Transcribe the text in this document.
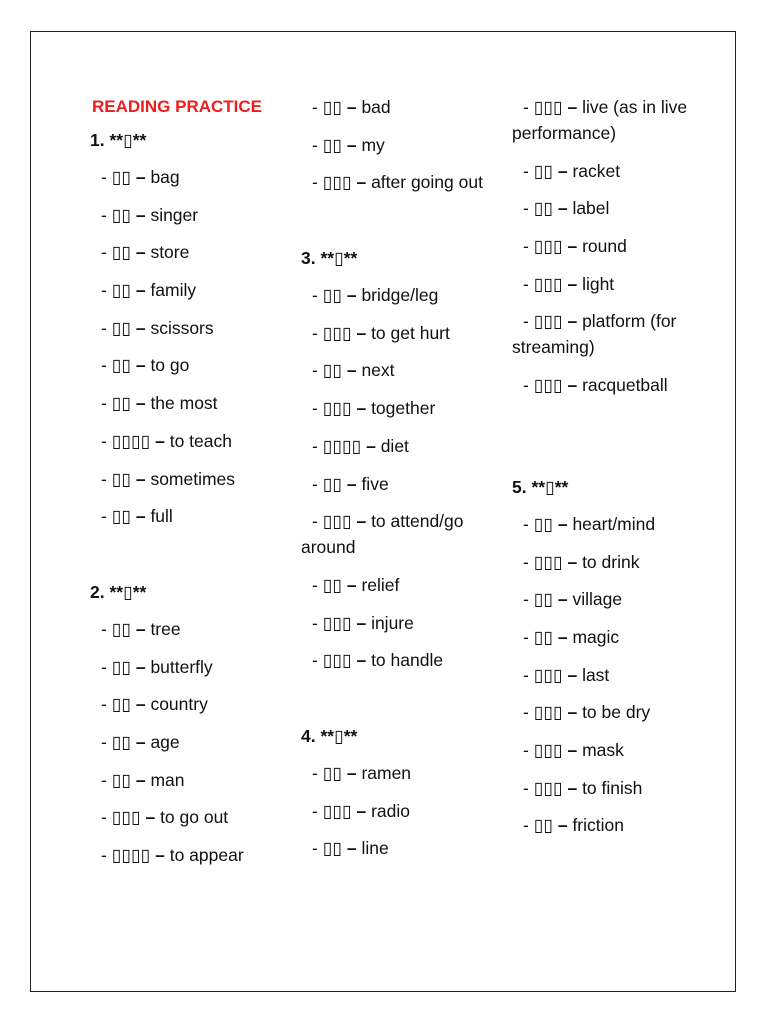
READING PRACTICE
1. **▯**
- ▯▯ – bag
- ▯▯ – singer
- ▯▯ – store
- ▯▯ – family
- ▯▯ – scissors
- ▯▯ – to go
- ▯▯ – the most
- ▯▯▯▯ – to teach
- ▯▯ – sometimes
- ▯▯ – full
2. **▯**
- ▯▯ – tree
- ▯▯ – butterfly
- ▯▯ – country
- ▯▯ – age
- ▯▯ – man
- ▯▯▯ – to go out
- ▯▯▯▯ – to appear
- ▯▯ – bad
- ▯▯ – my
- ▯▯▯ – after going out
3. **▯**
- ▯▯ – bridge/leg
- ▯▯▯ – to get hurt
- ▯▯ – next
- ▯▯▯ – together
- ▯▯▯▯ – diet
- ▯▯ – five
- ▯▯▯ – to attend/go around
- ▯▯ – relief
- ▯▯▯ – injure
- ▯▯▯ – to handle
4. **▯**
- ▯▯ – ramen
- ▯▯▯ – radio
- ▯▯ – line
- ▯▯▯ – live (as in live performance)
- ▯▯ – racket
- ▯▯ – label
- ▯▯▯ – round
- ▯▯▯ – light
- ▯▯▯ – platform (for streaming)
- ▯▯▯ – racquetball
5. **▯**
- ▯▯ – heart/mind
- ▯▯▯ – to drink
- ▯▯ – village
- ▯▯ – magic
- ▯▯▯ – last
- ▯▯▯ – to be dry
- ▯▯▯ – mask
- ▯▯▯ – to finish
- ▯▯ – friction
